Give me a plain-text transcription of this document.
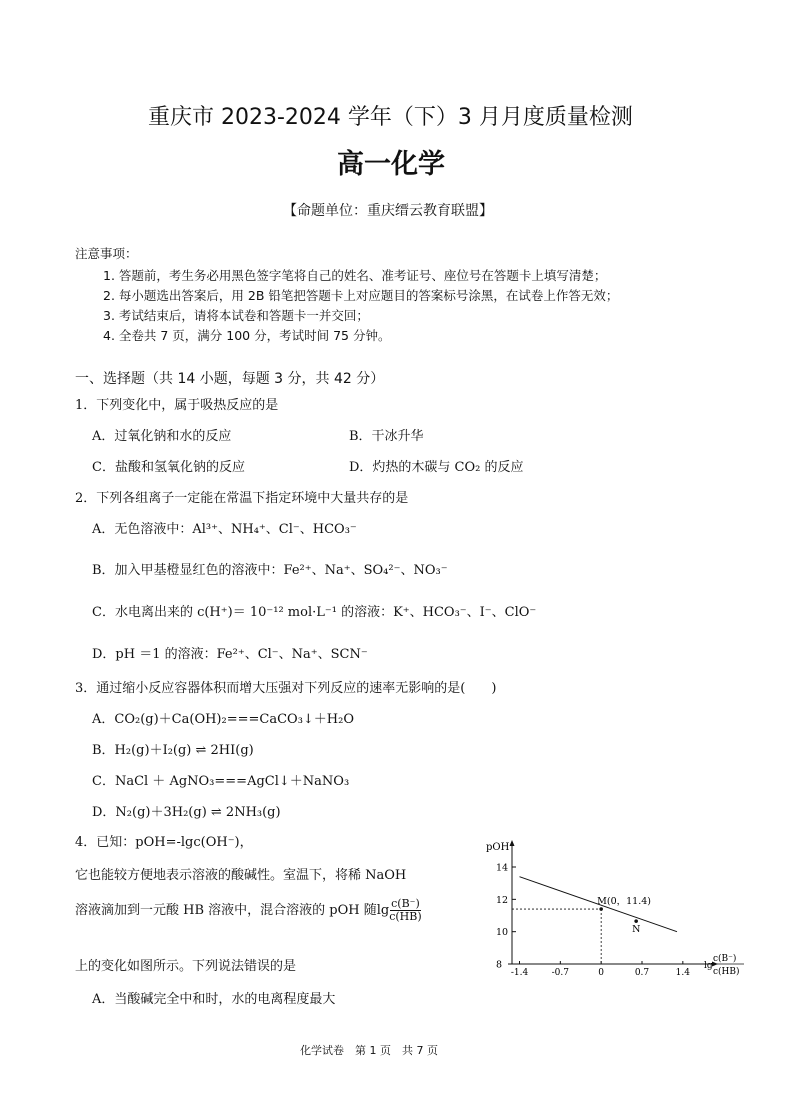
重庆市 2023-2024 学年（下）3 月月度质量检测
高一化学
【命题单位：重庆缙云教育联盟】
注意事项：
1. 答题前，考生务必用黑色签字笔将自己的姓名、准考证号、座位号在答题卡上填写清楚；
2. 每小题选出答案后，用 2B 铅笔把答题卡上对应题目的答案标号涂黑，在试卷上作答无效；
3. 考试结束后，请将本试卷和答题卡一并交回；
4. 全卷共 7 页，满分 100 分，考试时间 75 分钟。
一、选择题（共 14 小题，每题 3 分，共 42 分）
1．下列变化中，属于吸热反应的是
A．过氧化钠和水的反应	B．干冰升华
C．盐酸和氢氧化钠的反应	D．灼热的木碳与 CO₂ 的反应
2．下列各组离子一定能在常温下指定环境中大量共存的是
A．无色溶液中：Al³⁺、NH₄⁺、Cl⁻、HCO₃⁻
B．加入甲基橙显红色的溶液中：Fe²⁺、Na⁺、SO₄²⁻、NO₃⁻
C．水电离出来的 c(H⁺)＝ 10⁻¹² mol·L⁻¹ 的溶液：K⁺、HCO₃⁻、I⁻、ClO⁻
D．pH ＝1 的溶液：Fe²⁺、Cl⁻、Na⁺、SCN⁻
3．通过缩小反应容器体积而增大压强对下列反应的速率无影响的是(　　)
A．CO₂(g)＋Ca(OH)₂===CaCO₃↓＋H₂O
B．H₂(g)＋I₂(g) ⇌ 2HI(g)
C．NaCl ＋ AgNO₃===AgCl↓＋NaNO₃
D．N₂(g)＋3H₂(g) ⇌ 2NH₃(g)
4．已知：pOH=-lgc(OH⁻)，
它也能较方便地表示溶液的酸碱性。室温下，将稀 NaOH
溶液滴加到一元酸 HB 溶液中，混合溶液的 pOH 随$\lg \frac{c(B^-)}{c(HB)}$
上的变化如图所示。下列说法错误的是
A．当酸碱完全中和时，水的电离程度最大
pOH
lg
c(B⁻)
c(HB)
8
10
12
14
-1.4	-0.7	0	0.7	1.4
M(0，11.4)
N
化学试卷　第 1 页　共 7 页
